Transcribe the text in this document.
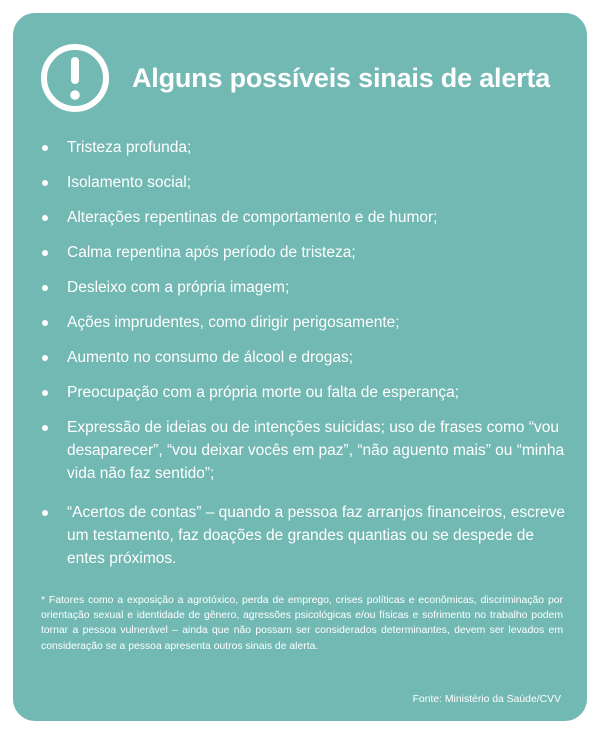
Alguns possíveis sinais de alerta
Tristeza profunda;
Isolamento social;
Alterações repentinas de comportamento e de humor;
Calma repentina após período de tristeza;
Desleixo com a própria imagem;
Ações imprudentes, como dirigir perigosamente;
Aumento no consumo de álcool e drogas;
Preocupação com a própria morte ou falta de esperança;
Expressão de ideias ou de intenções suicidas; uso de frases como “vou desaparecer”, “vou deixar vocês em paz”, “não aguento mais” ou “minha vida não faz sentido”;
“Acertos de contas” – quando a pessoa faz arranjos financeiros, escreve um testamento, faz doações de grandes quantias ou se despede de entes próximos.
* Fatores como a exposição a agrotóxico, perda de emprego, crises políticas e econômicas, discriminação por orientação sexual e identidade de gênero, agressões psicológicas e/ou físicas e sofrimento no trabalho podem tornar a pessoa vulnerável – ainda que não possam ser considerados determinantes, devem ser levados em consideração se a pessoa apresenta outros sinais de alerta.
Fonte: Ministério da Saúde/CVV
